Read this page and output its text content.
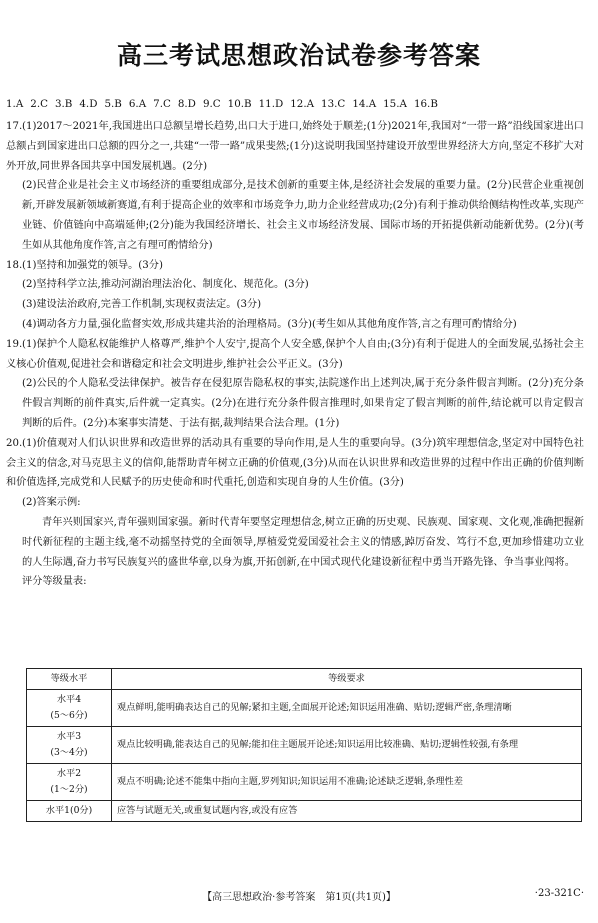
高三考试思想政治试卷参考答案
1.A 2.C 3.B 4.D 5.B 6.A 7.C 8.D 9.C 10.B 11.D 12.A 13.C 14.A 15.A 16.B

17.(1)2017～2021年,我国进出口总额呈增长趋势,出口大于进口,始终处于顺差;(1分)2021年,我国对“一带一路”沿线国家进出口总额占到国家进出口总额的四分之一,共建“一带一路”成果斐然;(1分)这说明我国坚持建设开放型世界经济大方向,坚定不移扩大对外开放,同世界各国共享中国发展机遇。(2分)

(2)民营企业是社会主义市场经济的重要组成部分,是技术创新的重要主体,是经济社会发展的重要力量。(2分)民营企业重视创新,开辟发展新领域新赛道,有利于提高企业的效率和市场竞争力,助力企业经营成功;(2分)有利于推动供给侧结构性改革,实现产业链、价值链向中高端延伸;(2分)能为我国经济增长、社会主义市场经济发展、国际市场的开拓提供新动能新优势。(2分)(考生如从其他角度作答,言之有理可酌情给分)

18.(1)坚持和加强党的领导。(3分)

(2)坚持科学立法,推动河湖治理法治化、制度化、规范化。(3分)

(3)建设法治政府,完善工作机制,实现权责法定。(3分)

(4)调动各方力量,强化监督实效,形成共建共治的治理格局。(3分)(考生如从其他角度作答,言之有理可酌情给分)

19.(1)保护个人隐私权能维护人格尊严,维护个人安宁,提高个人安全感,保护个人自由;(3分)有利于促进人的全面发展,弘扬社会主义核心价值观,促进社会和谐稳定和社会文明进步,维护社会公平正义。(3分)

(2)公民的个人隐私受法律保护。被告存在侵犯原告隐私权的事实,法院遂作出上述判决,属于充分条件假言判断。(2分)充分条件假言判断的前件真实,后件就一定真实。(2分)在进行充分条件假言推理时,如果肯定了假言判断的前件,结论就可以肯定假言判断的后件。(2分)本案事实清楚、于法有据,裁判结果合法合理。(1分)

20.(1)价值观对人们认识世界和改造世界的活动具有重要的导向作用,是人生的重要向导。(3分)筑牢理想信念,坚定对中国特色社会主义的信念,对马克思主义的信仰,能帮助青年树立正确的价值观,(3分)从而在认识世界和改造世界的过程中作出正确的价值判断和价值选择,完成党和人民赋予的历史使命和时代重托,创造和实现自身的人生价值。(3分)

(2)答案示例:

青年兴则国家兴,青年强则国家强。新时代青年要坚定理想信念,树立正确的历史观、民族观、国家观、文化观,准确把握新时代新征程的主题主线,毫不动摇坚持党的全面领导,厚植爱党爱国爱社会主义的情感,踔厉奋发、笃行不怠,更加珍惜建功立业的人生际遇,奋力书写民族复兴的盛世华章,以身为旗,开拓创新,在中国式现代化建设新征程中勇当开路先锋、争当事业闯将。

评分等级量表:

等级水平	等级要求

水平4
(5～6分)	观点鲜明,能明确表达自己的见解;紧扣主题,全面展开论述;知识运用准确、贴切;逻辑严密,条理清晰

水平3
(3～4分)	观点比较明确,能表达自己的见解;能扣住主题展开论述;知识运用比较准确、贴切;逻辑性较强,有条理

水平2
(1～2分)	观点不明确;论述不能集中指向主题,罗列知识;知识运用不准确;论述缺乏逻辑,条理性差

水平1(0分)	应答与试题无关,或重复试题内容,或没有应答
【高三思想政治·参考答案　第1页(共1页)】	·23-321C·
